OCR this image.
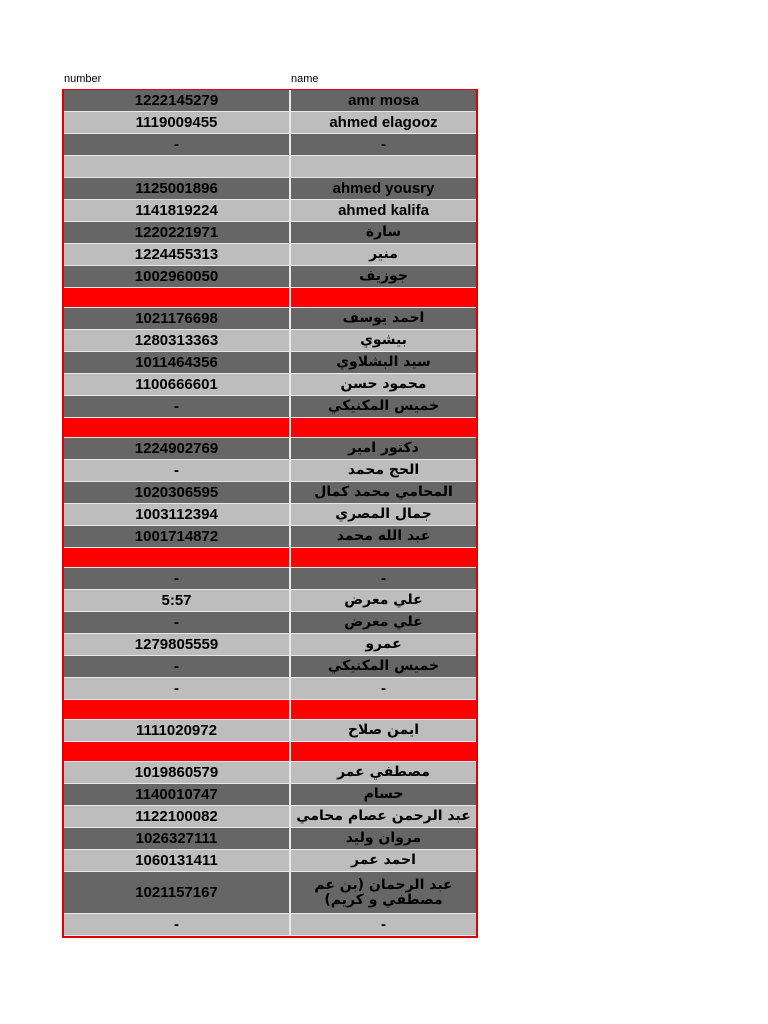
number	name
1222145279	amr mosa
1119009455	ahmed elagooz
-	-
1125001896	ahmed yousry
1141819224	ahmed kalifa
1220221971	سارة
1224455313	منير
1002960050	جوزيف
1021176698	احمد يوسف
1280313363	بيشوي
1011464356	سيد البشلاوي
1100666601	محمود حسن
-	خميس المكنيكي
1224902769	دكتور امير
-	الحج محمد
1020306595	المحامي محمد كمال
1003112394	جمال المصري
1001714872	عبد الله محمد
-	-
5:57	علي معرض
-	علي معرض
1279805559	عمرو
-	خميس المكنيكي
-	-
1111020972	ايمن صلاح
1019860579	مصطفي عمر
1140010747	حسام
1122100082	عبد الرحمن عصام محامي
1026327111	مروان وليد
1060131411	احمد عمر
1021157167	عبد الرحمان (بن عم مصطفي و كريم)
-	-
